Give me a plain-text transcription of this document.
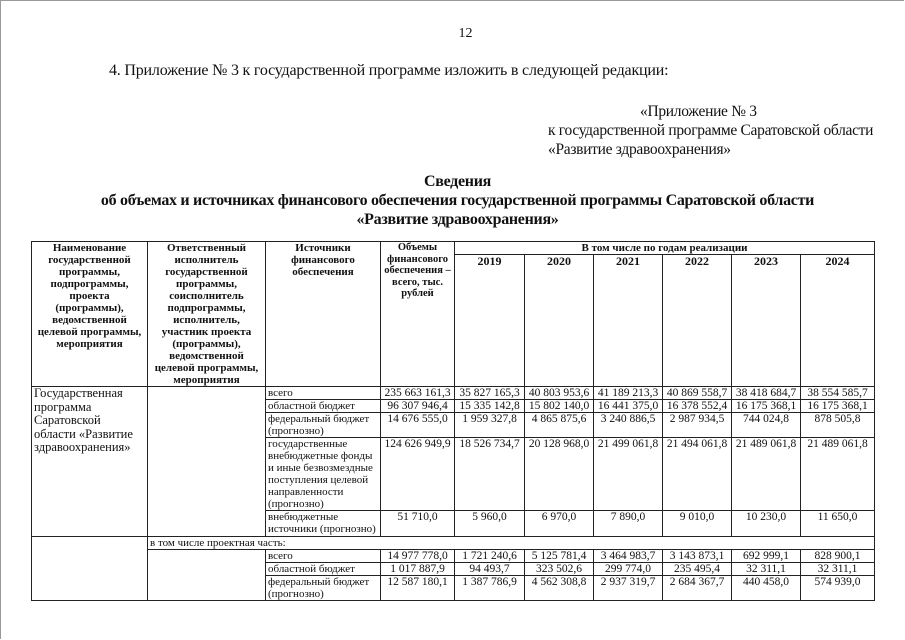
12
4. Приложение № 3 к государственной программе изложить в следующей редакции:
«Приложение № 3
к государственной программе Саратовской области
«Развитие здравоохранения»
Сведения
об объемах и источниках финансового обеспечения государственной программы Саратовской области
«Развитие здравоохранения»
Наименование государственной программы, подпрограммы, проекта (программы), ведомственной целевой программы, мероприятия	Ответственный исполнитель государственной программы, соисполнитель подпрограммы, исполнитель, участник проекта (программы), ведомственной целевой программы, мероприятия	Источники финансового обеспечения	Объемы финансового обеспечения – всего, тыс. рублей	В том числе по годам реализации					
				2019	2020	2021	2022	2023	2024
Государственная программа Саратовской области «Развитие здравоохранения»		всего	235 663 161,3	35 827 165,3	40 803 953,6	41 189 213,3	40 869 558,7	38 418 684,7	38 554 585,7
		областной бюджет	96 307 946,4	15 335 142,8	15 802 140,0	16 441 375,0	16 378 552,4	16 175 368,1	16 175 368,1
		федеральный бюджет (прогнозно)	14 676 555,0	1 959 327,8	4 865 875,6	3 240 886,5	2 987 934,5	744 024,8	878 505,8
		государственные внебюджетные фонды и иные безвозмездные поступления целевой направленности (прогнозно)	124 626 949,9	18 526 734,7	20 128 968,0	21 499 061,8	21 494 061,8	21 489 061,8	21 489 061,8
		внебюджетные источники (прогнозно)	51 710,0	5 960,0	6 970,0	7 890,0	9 010,0	10 230,0	11 650,0
	в том числе проектная часть:								
		всего	14 977 778,0	1 721 240,6	5 125 781,4	3 464 983,7	3 143 873,1	692 999,1	828 900,1
		областной бюджет	1 017 887,9	94 493,7	323 502,6	299 774,0	235 495,4	32 311,1	32 311,1
		федеральный бюджет (прогнозно)	12 587 180,1	1 387 786,9	4 562 308,8	2 937 319,7	2 684 367,7	440 458,0	574 939,0
